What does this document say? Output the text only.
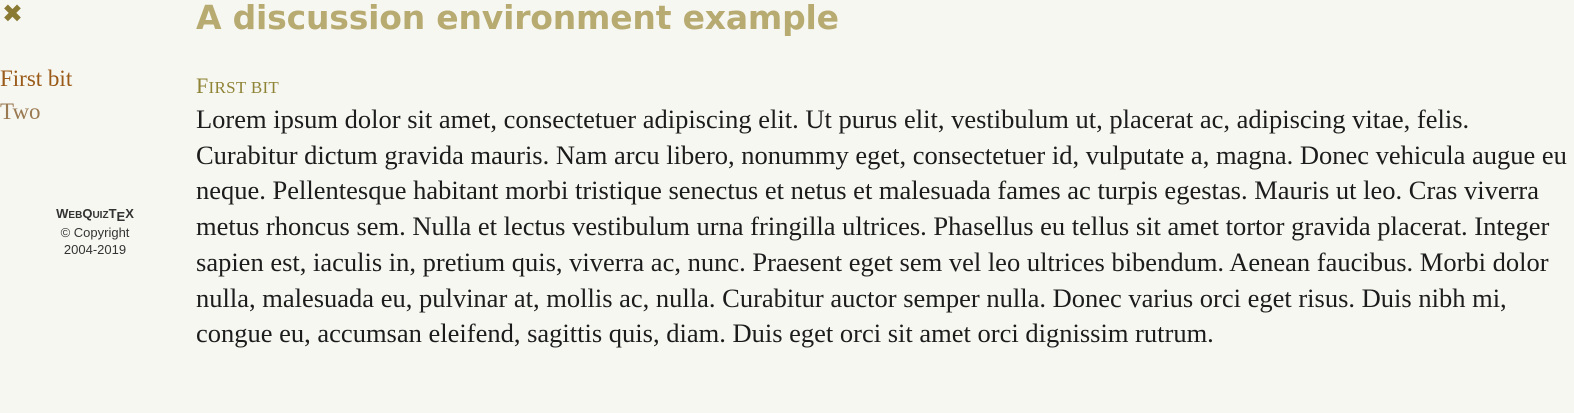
✖
First bit
Two
WEBQUIZTEX
© Copyright
2004-2019
A discussion environment example
FIRST BIT

Lorem ipsum dolor sit amet, consectetuer adipiscing elit. Ut purus elit, vestibulum ut, placerat ac, adipiscing vitae, felis. Curabitur dictum gravida mauris. Nam arcu libero, nonummy eget, consectetuer id, vulputate a, magna. Donec vehicula augue eu neque. Pellentesque habitant morbi tristique senectus et netus et malesuada fames ac turpis egestas. Mauris ut leo. Cras viverra metus rhoncus sem. Nulla et lectus vestibulum urna fringilla ultrices. Phasellus eu tellus sit amet tortor gravida placerat. Integer sapien est, iaculis in, pretium quis, viverra ac, nunc. Praesent eget sem vel leo ultrices bibendum. Aenean faucibus. Morbi dolor nulla, malesuada eu, pulvinar at, mollis ac, nulla. Curabitur auctor semper nulla. Donec varius orci eget risus. Duis nibh mi, congue eu, accumsan eleifend, sagittis quis, diam. Duis eget orci sit amet orci dignissim rutrum.
